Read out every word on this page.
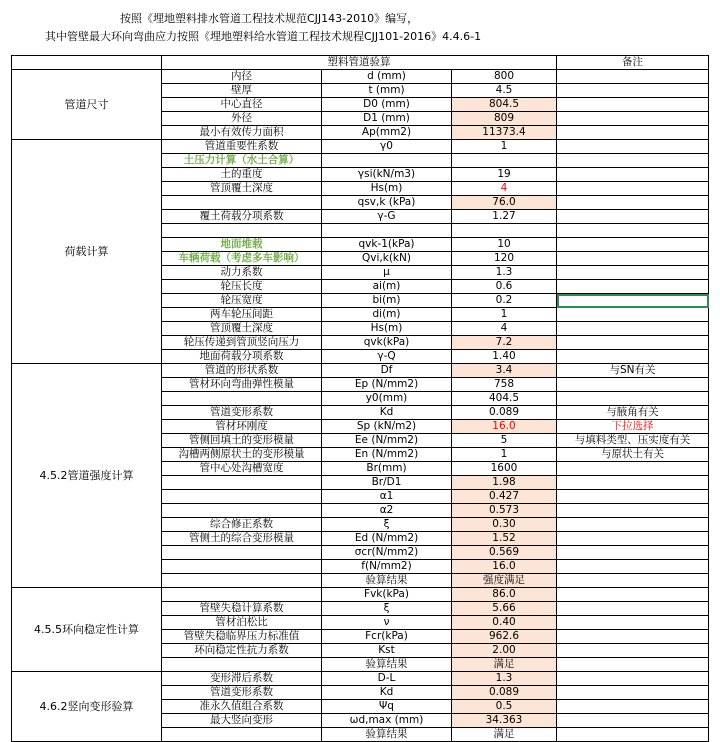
按照《埋地塑料排水管道工程技术规范CJJ143-2010》编写，
其中管壁最大环向弯曲应力按照《埋地塑料给水管道工程技术规程CJJ101-2016》4.4.6-1
	塑料管道验算			备注
管道尺寸	内径	d (mm)	800	
	壁厚	t (mm)	4.5	
	中心直径	D0 (mm)	804.5	
	外径	D1 (mm)	809	
	最小有效传力面积	Ap(mm2)	11373.4	
荷载计算	管道重要性系数	γ0	1	
	土压力计算（水土合算）			
	土的重度	γsi(kN/m3)	19	
	管顶覆土深度	Hs(m)	4	
		qsv,k (kPa)	76.0	
	覆土荷载分项系数	γ-G	1.27	

	地面堆载	qvk-1(kPa)	10	
	车辆荷载（考虑多车影响）	Qvi,k(kN)	120	
	动力系数	μ	1.3	
	轮压长度	ai(m)	0.6	
	轮压宽度	bi(m)	0.2	
	两车轮压间距	di(m)	1	
	管顶覆土深度	Hs(m)	4	
	轮压传递到管顶竖向压力	qvk(kPa)	7.2	
	地面荷载分项系数	γ-Q	1.40	
4.5.2管道强度计算	管道的形状系数	Df	3.4	与SN有关
	管材环向弯曲弹性模量	Ep (N/mm2)	758	
		y0(mm)	404.5	
	管道变形系数	Kd	0.089	与腋角有关
	管材环刚度	Sp (kN/m2)	16.0	下拉选择
	管侧回填土的变形模量	Ee (N/mm2)	5	与填料类型、压实度有关
	沟槽两侧原状土的变形模量	En (N/mm2)	1	与原状土有关
	管中心处沟槽宽度	Br(mm)	1600	
		Br/D1	1.98	
		α1	0.427	
		α2	0.573	
	综合修正系数	ξ	0.30	
	管侧土的综合变形模量	Ed (N/mm2)	1.52	
		σcr(N/mm2)	0.569	
		f(N/mm2)	16.0	
		验算结果	强度满足	
4.5.5环向稳定性计算		Fvk(kPa)	86.0	
	管壁失稳计算系数	ξ	5.66	
	管材泊松比	ν	0.40	
	管壁失稳临界压力标准值	Fcr(kPa)	962.6	
	环向稳定性抗力系数	Kst	2.00	
		验算结果	满足	
4.6.2竖向变形验算	变形滞后系数	D-L	1.3	
	管道变形系数	Kd	0.089	
	准永久值组合系数	Ψq	0.5	
	最大竖向变形	ωd,max (mm)	34.363	
		验算结果	满足	
